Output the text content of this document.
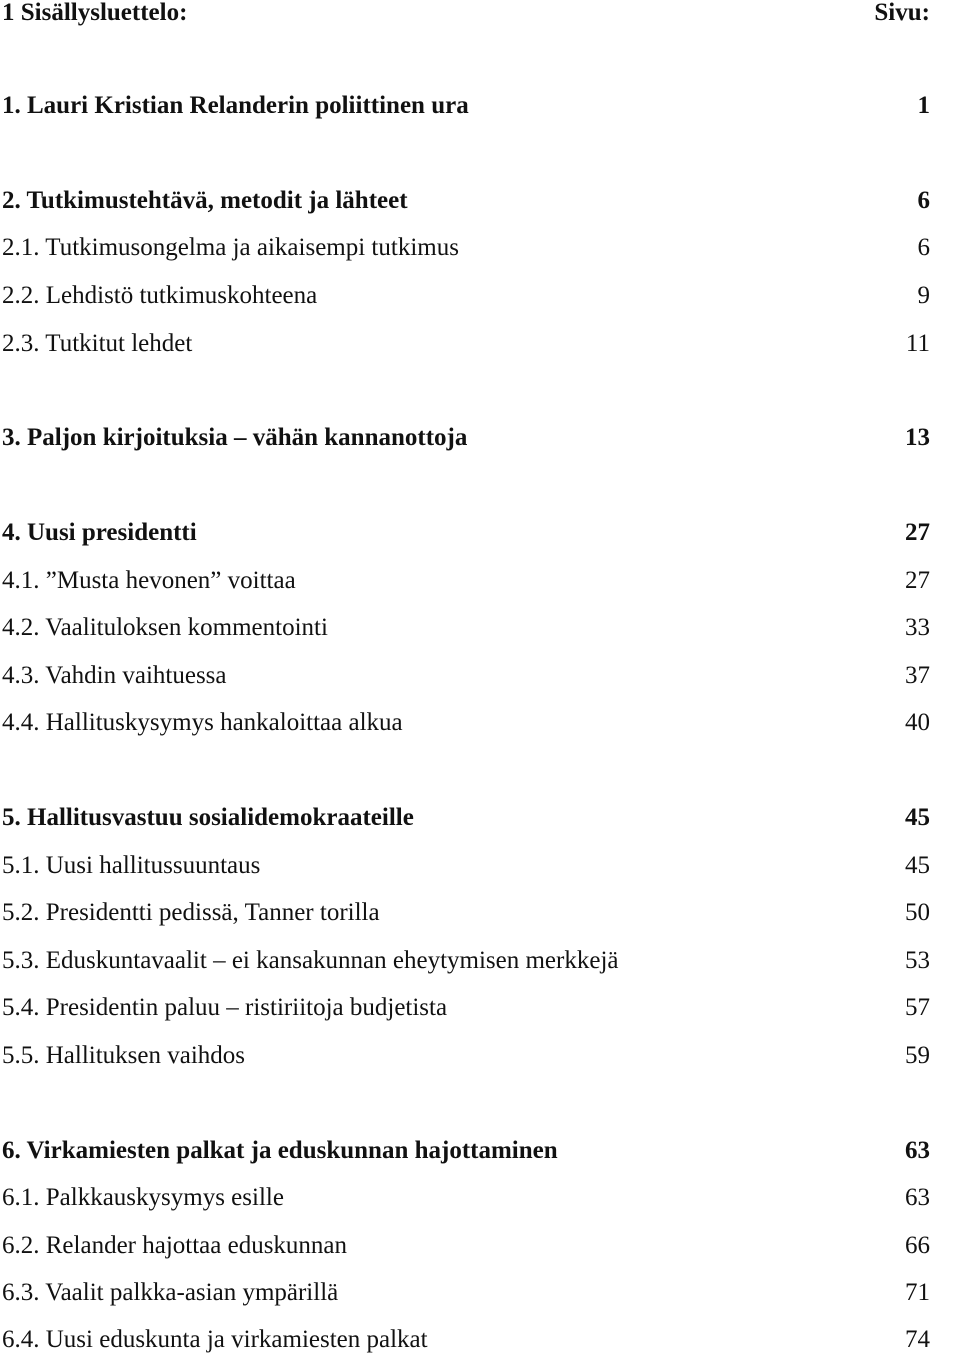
1 Sisällysluettelo:	Sivu:
1. Lauri Kristian Relanderin poliittinen ura	1
2. Tutkimustehtävä, metodit ja lähteet	6
2.1. Tutkimusongelma ja aikaisempi tutkimus	6
2.2. Lehdistö tutkimuskohteena	9
2.3. Tutkitut lehdet	11
3. Paljon kirjoituksia – vähän kannanottoja	13
4. Uusi presidentti	27
4.1. ”Musta hevonen” voittaa	27
4.2. Vaalituloksen kommentointi	33
4.3. Vahdin vaihtuessa	37
4.4. Hallituskysymys hankaloittaa alkua	40
5. Hallitusvastuu sosialidemokraateille	45
5.1. Uusi hallitussuuntaus	45
5.2. Presidentti pedissä, Tanner torilla	50
5.3. Eduskuntavaalit – ei kansakunnan eheytymisen merkkejä	53
5.4. Presidentin paluu – ristiriitoja budjetista	57
5.5. Hallituksen vaihdos	59
6. Virkamiesten palkat ja eduskunnan hajottaminen	63
6.1. Palkkauskysymys esille	63
6.2. Relander hajottaa eduskunnan	66
6.3. Vaalit palkka-asian ympärillä	71
6.4. Uusi eduskunta ja virkamiesten palkat	74
